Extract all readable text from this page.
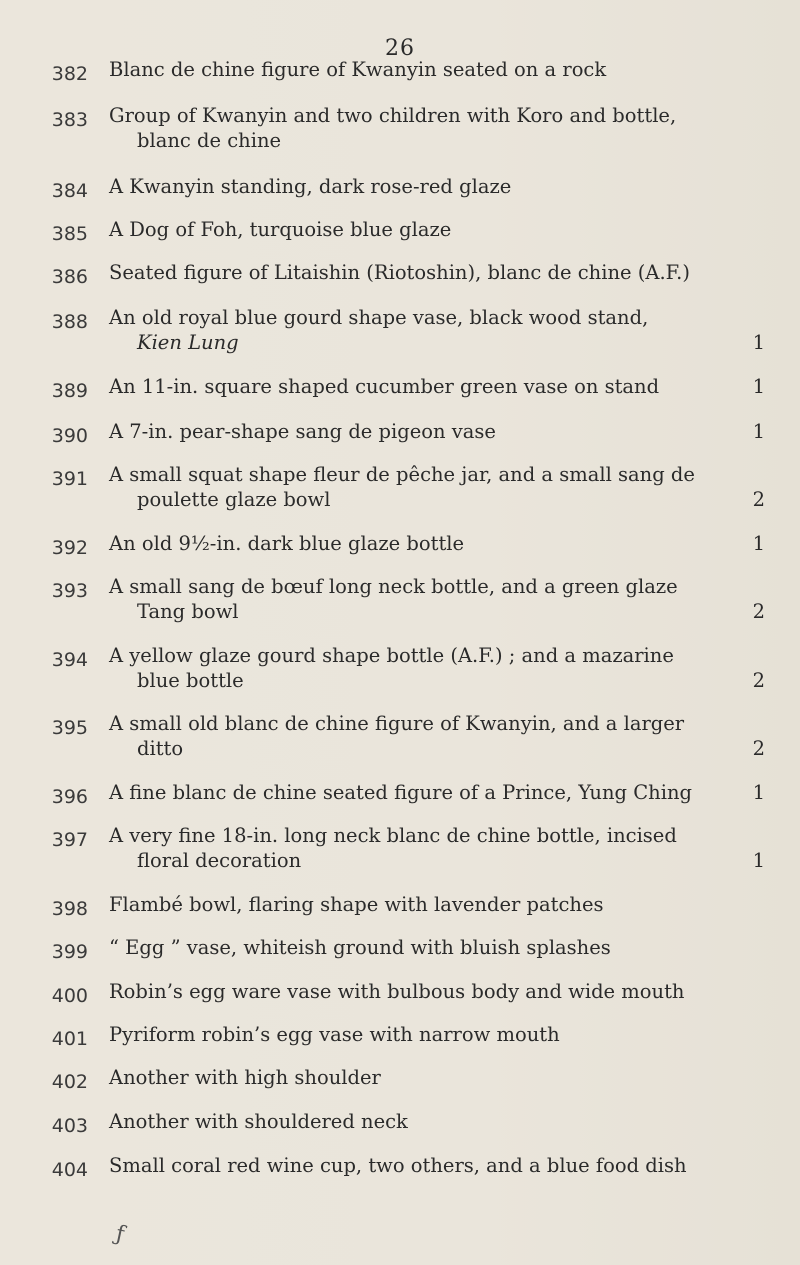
26
382 Blanc de chine figure of Kwanyin seated on a rock
383 Group of Kwanyin and two children with Koro and bottle,
blanc de chine
384 A Kwanyin standing, dark rose-red glaze
385 A Dog of Foh, turquoise blue glaze
386 Seated figure of Litaishin (Riotoshin), blanc de chine (A.F.)
388 An old royal blue gourd shape vase, black wood stand,
Kien Lung	1
389 An 11-in. square shaped cucumber green vase on stand	1
390 A 7-in. pear-shape sang de pigeon vase	1
391 A small squat shape fleur de pêche jar, and a small sang de
poulette glaze bowl	2
392 An old 9½-in. dark blue glaze bottle	1
393 A small sang de bœuf long neck bottle, and a green glaze
Tang bowl	2
394 A yellow glaze gourd shape bottle (A.F.) ; and a mazarine
blue bottle	2
395 A small old blanc de chine figure of Kwanyin, and a larger
ditto	2
396 A fine blanc de chine seated figure of a Prince, Yung Ching	1
397 A very fine 18-in. long neck blanc de chine bottle, incised
floral decoration	1
398 Flambé bowl, flaring shape with lavender patches
399 “ Egg ” vase, whiteish ground with bluish splashes
400 Robin’s egg ware vase with bulbous body and wide mouth
401 Pyriform robin’s egg vase with narrow mouth
402 Another with high shoulder
403 Another with shouldered neck
404 Small coral red wine cup, two others, and a blue food dish
ƒ
